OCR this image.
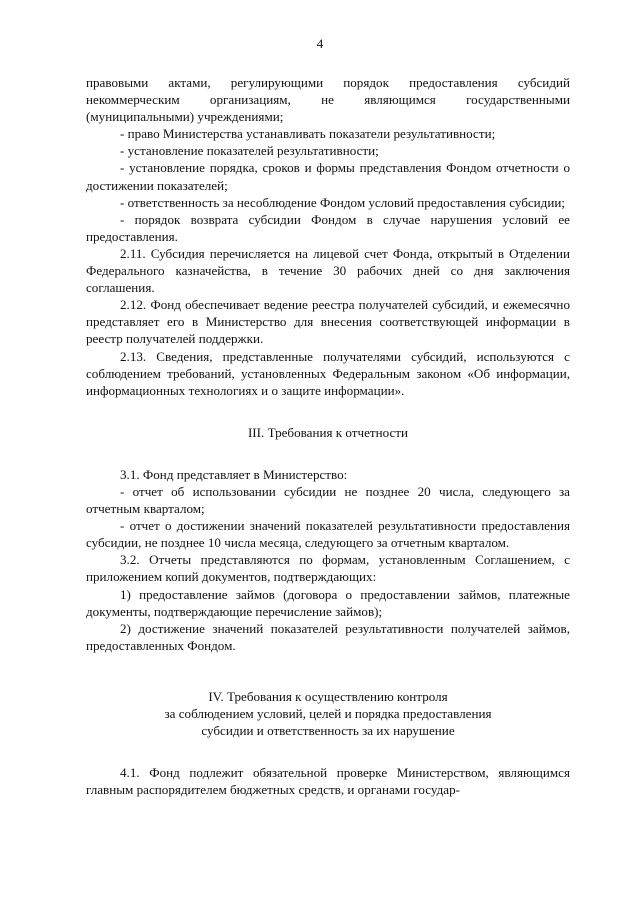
4

правовыми актами, регулирующими порядок предоставления субсидий некоммерческим организациям, не являющимся государственными (муниципальными) учреждениями;

- право Министерства устанавливать показатели результативности;

- установление показателей результативности;

- установление порядка, сроков и формы представления Фондом отчетности о достижении показателей;

- ответственность за несоблюдение Фондом условий предоставления субсидии;

- порядок возврата субсидии Фондом в случае нарушения условий ее предоставления.

2.11. Субсидия перечисляется на лицевой счет Фонда, открытый в Отделении Федерального казначейства, в течение 30 рабочих дней со дня заключения соглашения.

2.12. Фонд обеспечивает ведение реестра получателей субсидий, и ежемесячно представляет его в Министерство для внесения соответствующей информации в реестр получателей поддержки.

2.13. Сведения, представленные получателями субсидий, используются с соблюдением требований, установленных Федеральным законом «Об информации, информационных технологиях и о защите информации».

III. Требования к отчетности

3.1. Фонд представляет в Министерство:

- отчет об использовании субсидии не позднее 20 числа, следующего за отчетным кварталом;

- отчет о достижении значений показателей результативности предоставления субсидии, не позднее 10 числа месяца, следующего за отчетным кварталом.

3.2. Отчеты представляются по формам, установленным Соглашением, с приложением копий документов, подтверждающих:

1) предоставление займов (договора о предоставлении займов, платежные документы, подтверждающие перечисление займов);

2) достижение значений показателей результативности получателей займов, предоставленных Фондом.

IV. Требования к осуществлению контроля

за соблюдением условий, целей и порядка предоставления

субсидии и ответственность за их нарушение

4.1. Фонд подлежит обязательной проверке Министерством, являющимся главным распорядителем бюджетных средств, и органами государ-
